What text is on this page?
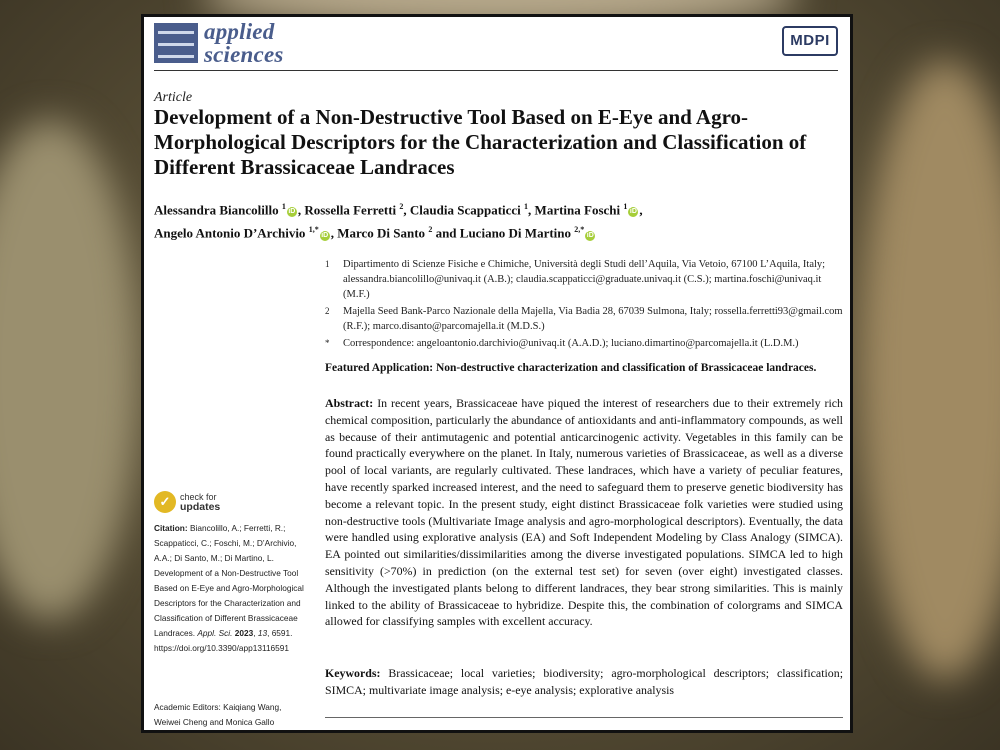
applied
sciences
MDPI
Article
Development of a Non-Destructive Tool Based on E-Eye and Agro-Morphological Descriptors for the Characterization and Classification of Different Brassicaceae Landraces
Alessandra Biancolillo $^1$iD , Rossella Ferretti $^2$, Claudia Scappaticci $^1$, Martina Foschi $^1$iD ,
Angelo Antonio D’Archivio $^{1,*}$iD , Marco Di Santo $^2$ and Luciano Di Martino $^{2,*}$iD
1	Dipartimento di Scienze Fisiche e Chimiche, Università degli Studi dell’Aquila, Via Vetoio, 67100 L’Aquila, Italy; alessandra.biancolillo@univaq.it (A.B.); claudia.scappaticci@graduate.univaq.it (C.S.); martina.foschi@univaq.it (M.F.)
2	Majella Seed Bank-Parco Nazionale della Majella, Via Badia 28, 67039 Sulmona, Italy; rossella.ferretti93@gmail.com (R.F.); marco.disanto@parcomajella.it (M.D.S.)
*	Correspondence: angeloantonio.darchivio@univaq.it (A.A.D.); luciano.dimartino@parcomajella.it (L.D.M.)
Featured Application: Non-destructive characterization and classification of Brassicaceae landraces.
Abstract: In recent years, Brassicaceae have piqued the interest of researchers due to their extremely rich chemical composition, particularly the abundance of antioxidants and anti-inflammatory compounds, as well as because of their antimutagenic and potential anticarcinogenic activity. Vegetables in this family can be found practically everywhere on the planet. In Italy, numerous varieties of Brassicaceae, as well as a diverse pool of local variants, are regularly cultivated. These landraces, which have a variety of peculiar features, have recently sparked increased interest, and the need to safeguard them to preserve genetic biodiversity has become a relevant topic. In the present study, eight distinct Brassicaceae folk varieties were studied using non-destructive tools (Multivariate Image analysis and agro-morphological descriptors). Eventually, the data were handled using explorative analysis (EA) and Soft Independent Modeling by Class Analogy (SIMCA). EA pointed out similarities/dissimilarities among the diverse investigated populations. SIMCA led to high sensitivity (>70%) in prediction (on the external test set) for seven (over eight) investigated classes. Although the investigated plants belong to different landraces, they bear strong similarities. This is mainly linked to the ability of Brassicaceae to hybridize. Despite this, the combination of colorgrams and SIMCA allowed for classifying samples with excellent accuracy.
Keywords: Brassicaceae; local varieties; biodiversity; agro-morphological descriptors; classification; SIMCA; multivariate image analysis; e-eye analysis; explorative analysis
✓	check for
updates
Citation: Biancolillo, A.; Ferretti, R.; Scappaticci, C.; Foschi, M.; D’Archivio, A.A.; Di Santo, M.; Di Martino, L. Development of a Non-Destructive Tool Based on E-Eye and Agro-Morphological Descriptors for the Characterization and Classification of Different Brassicaceae Landraces. Appl. Sci. 2023, 13, 6591. https://doi.org/10.3390/app13116591
Academic Editors: Kaiqiang Wang, Weiwei Cheng and Monica Gallo
